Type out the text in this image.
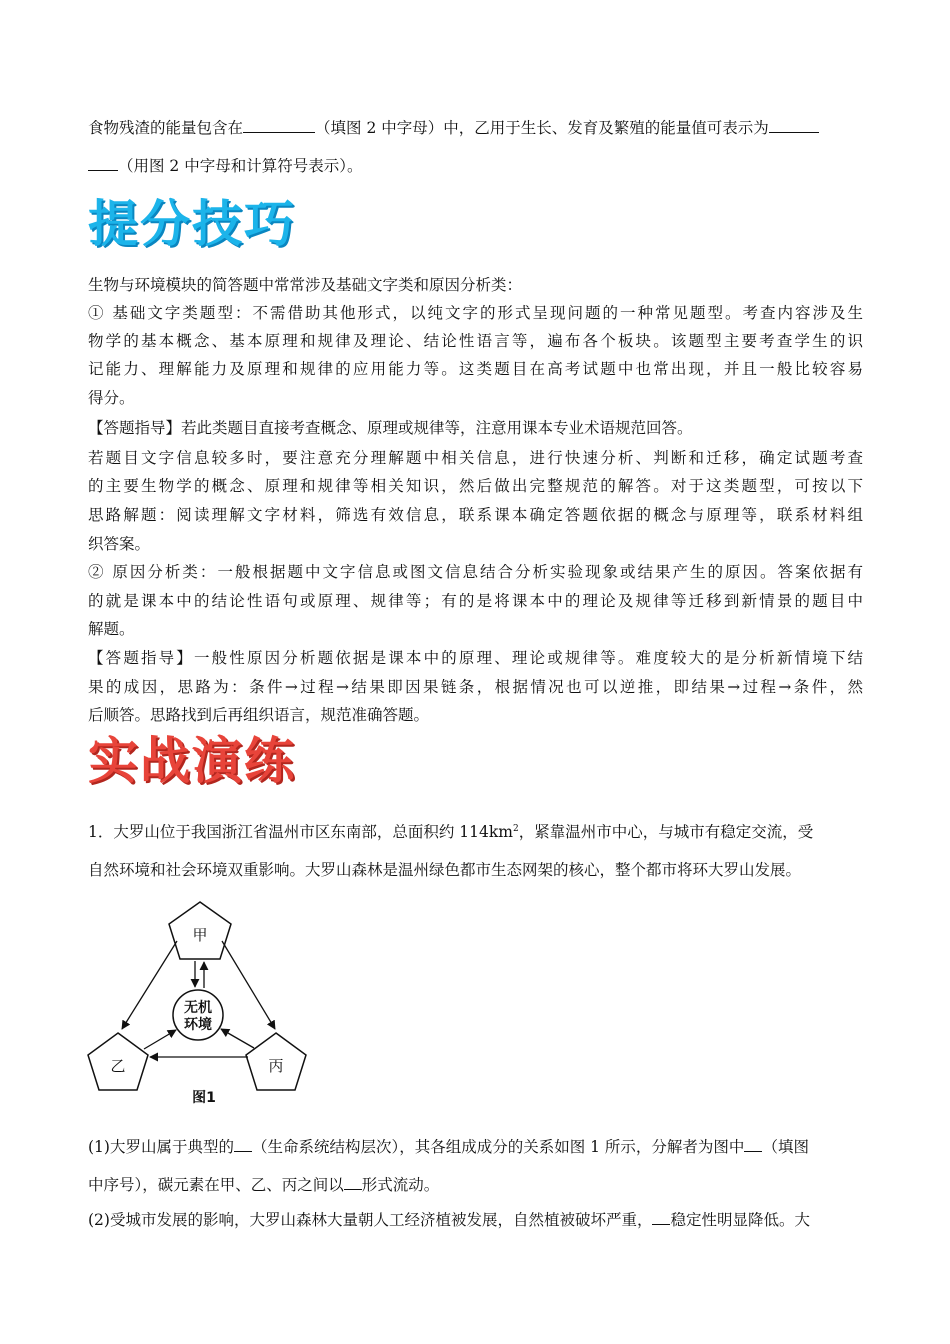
食物残渣的能量包含在	（填图 2 中字母）中，乙用于生长、发育及繁殖的能量值可表示为
（用图 2 中字母和计算符号表示）。
提分技巧
生物与环境模块的简答题中常常涉及基础文字类和原因分析类：
① 基础文字类题型：不需借助其他形式，以纯文字的形式呈现问题的一种常见题型。考查内容涉及生
物学的基本概念、基本原理和规律及理论、结论性语言等，遍布各个板块。该题型主要考查学生的识
记能力、理解能力及原理和规律的应用能力等。这类题目在高考试题中也常出现，并且一般比较容易
得分。
【答题指导】若此类题目直接考查概念、原理或规律等，注意用课本专业术语规范回答。
若题目文字信息较多时，要注意充分理解题中相关信息，进行快速分析、判断和迁移，确定试题考查
的主要生物学的概念、原理和规律等相关知识，然后做出完整规范的解答。对于这类题型，可按以下
思路解题：阅读理解文字材料，筛选有效信息，联系课本确定答题依据的概念与原理等，联系材料组
织答案。
② 原因分析类：一般根据题中文字信息或图文信息结合分析实验现象或结果产生的原因。答案依据有
的就是课本中的结论性语句或原理、规律等；有的是将课本中的理论及规律等迁移到新情景的题目中
解题。
【答题指导】一般性原因分析题依据是课本中的原理、理论或规律等。难度较大的是分析新情境下结
果的成因，思路为：条件→过程→结果即因果链条，根据情况也可以逆推，即结果→过程→条件，然
后顺答。思路找到后再组织语言，规范准确答题。
实战演练
1．大罗山位于我国浙江省温州市区东南部，总面积约 $114km^2$，紧靠温州市中心，与城市有稳定交流，受
自然环境和社会环境双重影响。大罗山森林是温州绿色都市生态网架的核心，整个都市将环大罗山发展。
甲
乙	丙
无机
环境
图1
(1)大罗山属于典型的 （生命系统结构层次），其各组成成分的关系如图 1 所示，分解者为图中 （填图
中序号），碳元素在甲、乙、丙之间以 形式流动。
(2)受城市发展的影响，大罗山森林大量朝人工经济植被发展，自然植被破坏严重， 稳定性明显降低。大
